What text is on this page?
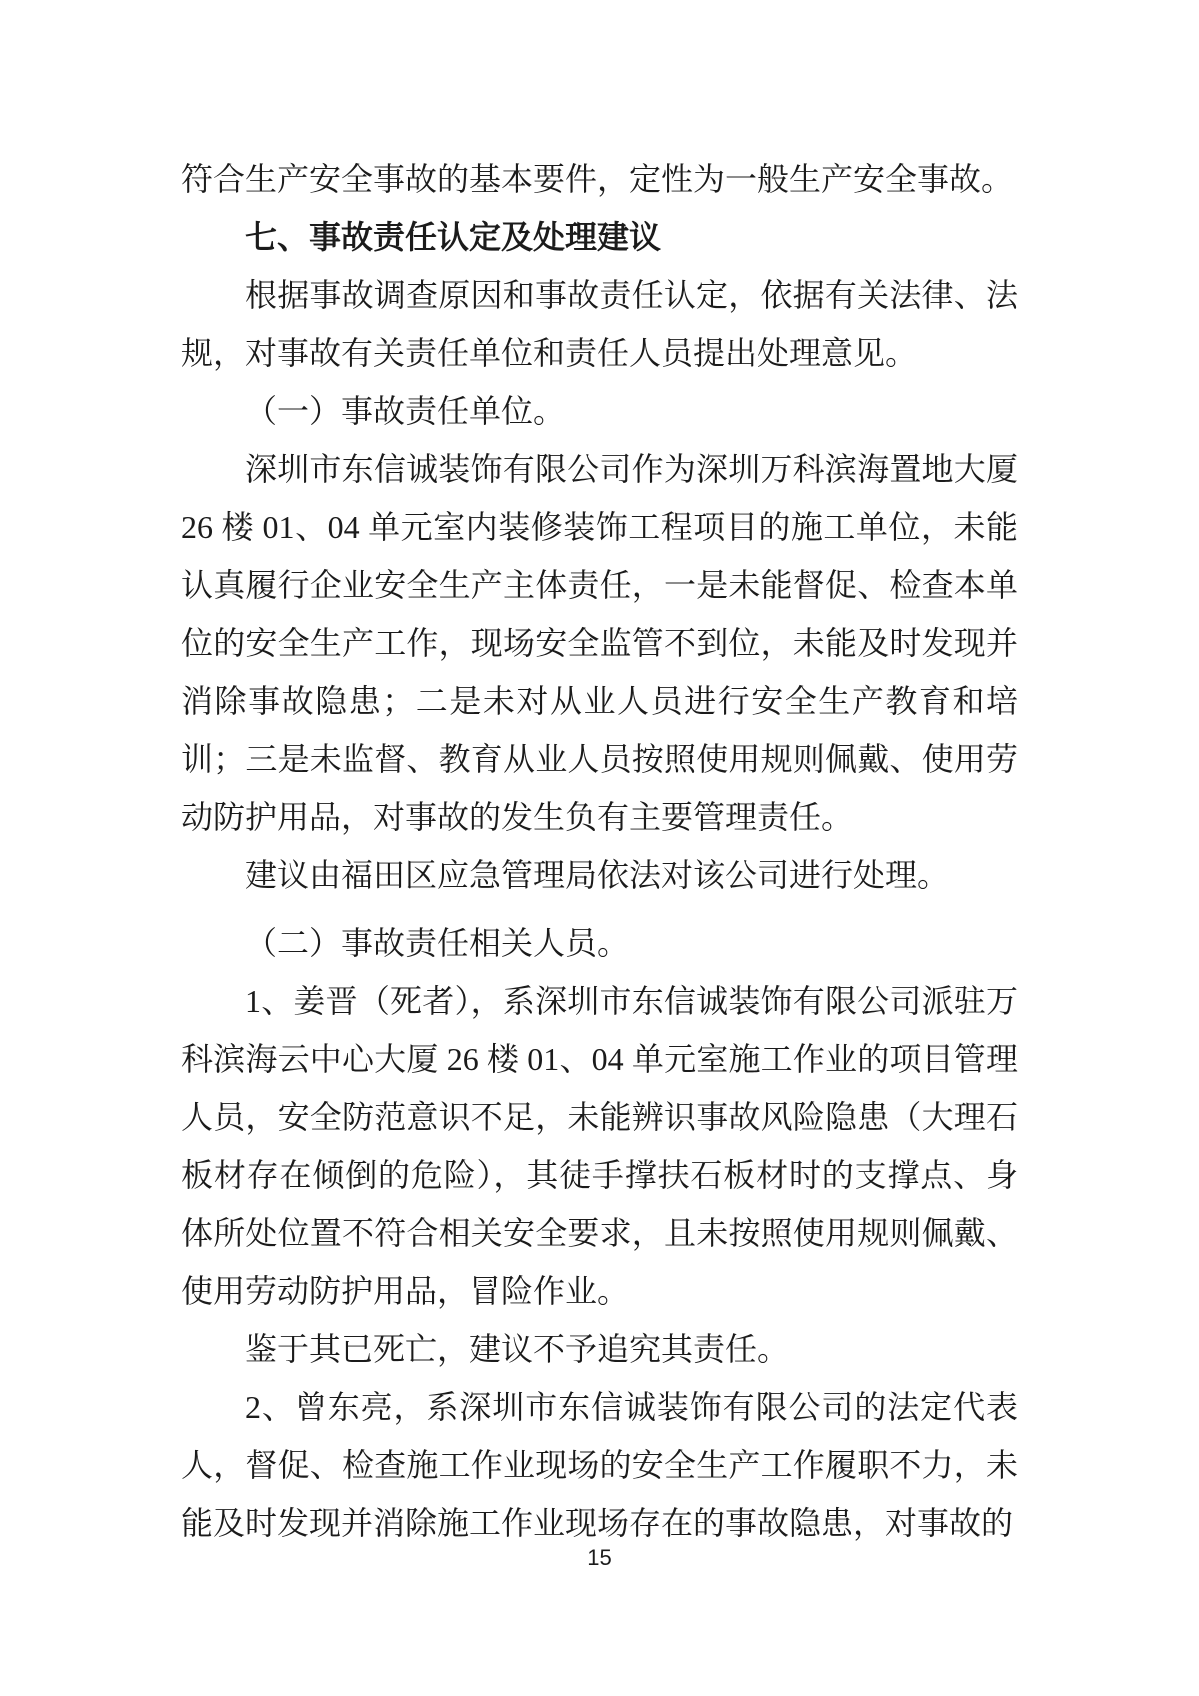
符合生产安全事故的基本要件，定性为一般生产安全事故。

七、事故责任认定及处理建议

根据事故调查原因和事故责任认定，依据有关法律、法规，对事故有关责任单位和责任人员提出处理意见。

（一）事故责任单位。

深圳市东信诚装饰有限公司作为深圳万科滨海置地大厦 26 楼 01、04 单元室内装修装饰工程项目的施工单位，未能认真履行企业安全生产主体责任，一是未能督促、检查本单位的安全生产工作，现场安全监管不到位，未能及时发现并消除事故隐患；二是未对从业人员进行安全生产教育和培训；三是未监督、教育从业人员按照使用规则佩戴、使用劳动防护用品，对事故的发生负有主要管理责任。

建议由福田区应急管理局依法对该公司进行处理。

（二）事故责任相关人员。

1、姜晋（死者），系深圳市东信诚装饰有限公司派驻万科滨海云中心大厦 26 楼 01、04 单元室施工作业的项目管理人员，安全防范意识不足，未能辨识事故风险隐患（大理石板材存在倾倒的危险），其徒手撑扶石板材时的支撑点、身体所处位置不符合相关安全要求，且未按照使用规则佩戴、使用劳动防护用品，冒险作业。

鉴于其已死亡，建议不予追究其责任。

2、曾东亮，系深圳市东信诚装饰有限公司的法定代表人，督促、检查施工作业现场的安全生产工作履职不力，未能及时发现并消除施工作业现场存在的事故隐患，对事故的

15
